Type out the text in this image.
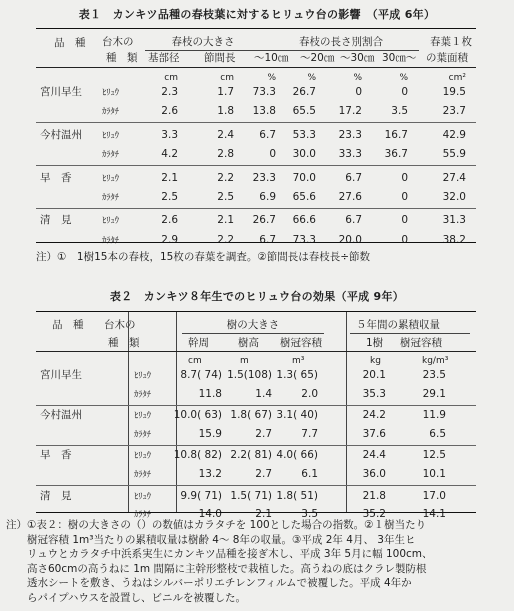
表１　カンキツ品種の春枝葉に対するヒリュウ台の影響　（平成 6年）
品　種 台木の
種　類
春枝の大きさ
基部径 節間長
春枝の長さ別割合
～10㎝ ～20㎝ ～30㎝ 30㎝～
春葉１枚
の葉面積
cm	cm	%	%	%	%	cm²
宮川早生 ﾋﾘｭｳ	2.3	1.7	73.3	26.7	0	0	19.5
ｶﾗﾀﾁ	2.6	1.8	13.8	65.5	17.2	3.5	23.7
今村温州 ﾋﾘｭｳ	3.3	2.4	6.7	53.3	23.3	16.7	42.9
ｶﾗﾀﾁ	4.2	2.8	0	30.0	33.3	36.7	55.9
早　香	ﾋﾘｭｳ	2.1	2.2	23.3	70.0	6.7	0	27.4
ｶﾗﾀﾁ	2.5	2.5	6.9	65.6	27.6	0	32.0
清　見	ﾋﾘｭｳ	2.6	2.1	26.7	66.6	6.7	0	31.3
ｶﾗﾀﾁ	2.9	2.2	6.7	73.3	20.0	0	38.2
注）①　1樹15本の春枝，15枚の春葉を調査。②節間長は春枝長÷節数
表２　カンキツ８年生でのヒリュウ台の効果（平成 9年）
品　種 台木の
種　類
樹の大きさ
幹周	樹高 樹冠容積
５年間の累積収量
1樹 樹冠容積
cm	m	m³	kg	kg/m³
宮川早生	ﾋﾘｭｳ	8.7( 74) 1.5(108) 1.3( 65)	20.1	23.5
ｶﾗﾀﾁ	11.8	1.4	2.0	35.3	29.1
今村温州	ﾋﾘｭｳ	10.0( 63) 1.8( 67) 3.1( 40)	24.2	11.9
ｶﾗﾀﾁ	15.9	2.7	7.7	37.6	6.5
早　香	ﾋﾘｭｳ	10.8( 82) 2.2( 81) 4.0( 66)	24.4	12.5
ｶﾗﾀﾁ	13.2	2.7	6.1	36.0	10.1
清　見	ﾋﾘｭｳ	9.9( 71) 1.5( 71) 1.8( 51)	21.8	17.0
ｶﾗﾀﾁ	14.0	2.1	3.5	35.2	14.1
注）①表２：樹の大きさの（）の数値はカラタチを 100とした場合の指数。②１樹当たり
　　樹冠容積 1m³当たりの累積収量は樹齢 4～ 8年の収量。③平成 2年 4月、 3年生ヒ
　　リュウとカラタチ中浜系実生にカンキツ品種を接ぎ木し、平成 3年 5月に幅 100cm、
　　高さ60cmの高うねに 1m 間隔に主幹形整枝で栽植した。高うねの底はクラレ製防根
　　透水シートを敷き、うねはシルバーポリエチレンフィルムで被覆した。平成 4年か
　　らパイプハウスを設置し、ビニルを被覆した。
